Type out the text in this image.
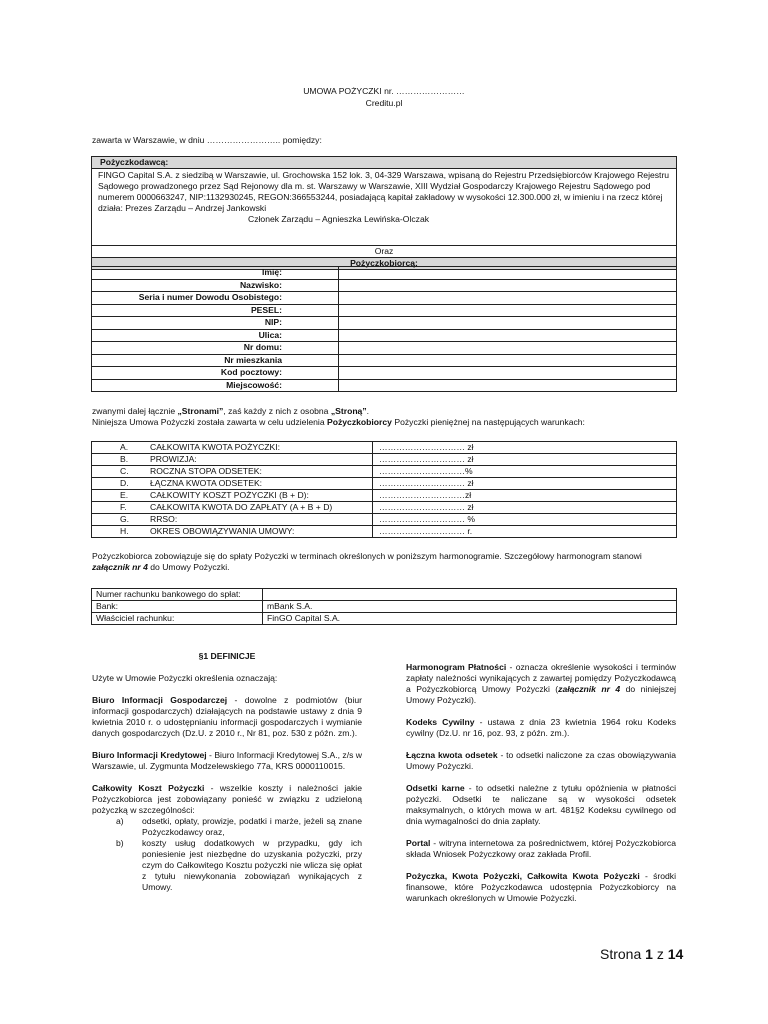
UMOWA POŻYCZKI nr. ……………………
Creditu.pl
zawarta w Warszawie, w dniu …………………….. pomiędzy:
Pożyczkodawcą:

FINGO Capital S.A. z siedzibą w Warszawie, ul. Grochowska 152 lok. 3, 04-329 Warszawa, wpisaną do Rejestru Przedsiębiorców Krajowego Rejestru Sądowego prowadzonego przez Sąd Rejonowy dla m. st. Warszawy w Warszawie, XIII Wydział Gospodarczy Krajowego Rejestru Sądowego pod numerem 0000663247, NIP:1132930245, REGON:366553244, posiadającą kapitał zakładowy w wysokości 12.300.000 zł, w imieniu i na rzecz której działa: Prezes Zarządu – Andrzej Jankowski
Członek Zarządu – Agnieszka Lewińska-Olczak

Oraz
Pożyczkobiorcą:
Imię:	
Nazwisko:	
Seria i numer Dowodu Osobistego:	
PESEL:	
NIP:	
Ulica:	
Nr domu:	
Nr mieszkania	
Kod pocztowy:	
Miejscowość:	
zwanymi dalej łącznie „Stronami”, zaś każdy z nich z osobna „Stroną”.
Niniejsza Umowa Pożyczki została zawarta w celu udzielenia Pożyczkobiorcy Pożyczki pieniężnej na następujących warunkach:
A. CAŁKOWITA KWOTA POŻYCZKI:	………………………… zł
B. PROWIZJA:	………………………… zł
C. ROCZNA STOPA ODSETEK:	…………………………%
D. ŁĄCZNA KWOTA ODSETEK:	………………………… zł
E. CAŁKOWITY KOSZT POŻYCZKI (B + D):	…………………………zł
F. CAŁKOWITA KWOTA DO ZAPŁATY (A + B + D)	………………………… zł
G. RRSO:	………………………… %
H. OKRES OBOWIĄZYWANIA UMOWY:	………………………… r.
Pożyczkobiorca zobowiązuje się do spłaty Pożyczki w terminach określonych w poniższym harmonogramie. Szczegółowy harmonogram stanowi załącznik nr 4 do Umowy Pożyczki.
Numer rachunku bankowego do spłat:	
Bank:	mBank S.A.
Właściciel rachunku:	FinGO Capital S.A.

§1 DEFINICJE

Użyte w Umowie Pożyczki określenia oznaczają:

Biuro Informacji Gospodarczej - dowolne z podmiotów (biur informacji gospodarczych) działających na podstawie ustawy z dnia 9 kwietnia 2010 r. o udostępnianiu informacji gospodarczych i wymianie danych gospodarczych (Dz.U. z 2010 r., Nr 81, poz. 530 z późn. zm.).

Biuro Informacji Kredytowej - Biuro Informacji Kredytowej S.A., z/s w Warszawie, ul. Zygmunta Modzelewskiego 77a, KRS 0000110015.

Całkowity Koszt Pożyczki - wszelkie koszty i należności jakie Pożyczkobiorca jest zobowiązany ponieść w związku z udzieloną pożyczką w szczególności:

a)	odsetki, opłaty, prowizje, podatki i marże, jeżeli są znane Pożyczkodawcy oraz,
b)	koszty usług dodatkowych w przypadku, gdy ich poniesienie jest niezbędne do uzyskania pożyczki, przy czym do Całkowitego Kosztu pożyczki nie wlicza się opłat z tytułu niewykonania zobowiązań wynikających z Umowy.

Harmonogram Płatności - oznacza określenie wysokości i terminów zapłaty należności wynikających z zawartej pomiędzy Pożyczkodawcą a Pożyczkobiorcą Umowy Pożyczki (załącznik nr 4 do niniejszej Umowy Pożyczki).

Kodeks Cywilny - ustawa z dnia 23 kwietnia 1964 roku Kodeks cywilny (Dz.U. nr 16, poz. 93, z późn. zm.).

Łączna kwota odsetek - to odsetki naliczone za czas obowiązywania Umowy Pożyczki.

Odsetki karne - to odsetki należne z tytułu opóźnienia w płatności pożyczki. Odsetki te naliczane są w wysokości odsetek maksymalnych, o których mowa w art. 481§2 Kodeksu cywilnego od dnia wymagalności do dnia zapłaty.

Portal - witryna internetowa za pośrednictwem, której Pożyczkobiorca składa Wniosek Pożyczkowy oraz zakłada Profil.

Pożyczka, Kwota Pożyczki, Całkowita Kwota Pożyczki - środki finansowe, które Pożyczkodawca udostępnia Pożyczkobiorcy na warunkach określonych w Umowie Pożyczki.

Strona 1 z 14
